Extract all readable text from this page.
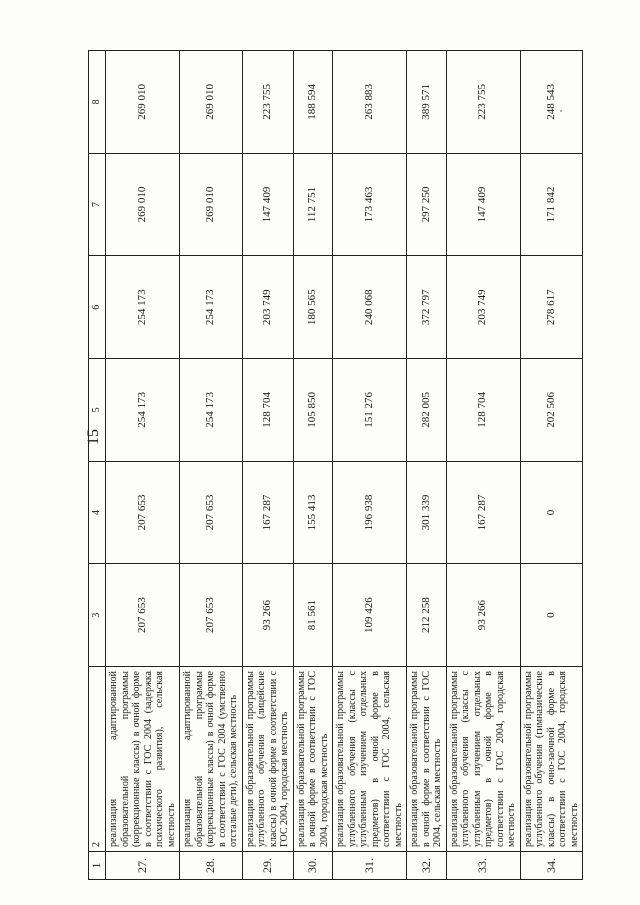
15
1	2	3	4	5	6	7	8
27.	реализация адаптированной образовательной программы (коррекционные классы) в очной форме в соответствии с ГОС 2004 (задержка психического развития), сельская местность	207 653	207 653	254 173	254 173	269 010	269 010
28.	реализация адаптированной образовательной программы (коррекционные классы) в очной форме в соответствии с ГОС 2004 (умственно отсталые дети), сельская местность	207 653	207 653	254 173	254 173	269 010	269 010
29.	реализация образовательной программы углубленного обучения (лицейские классы) в очной форме в соответствии с ГОС 2004, городская местность	93 266	167 287	128 704	203 749	147 409	223 755
30.	реализация образовательной программы в очной форме в соответствии с ГОС 2004, городская местность	81 561	155 413	105 850	180 565	112 751	188 594
31.	реализация образовательной программы углубленного обучения (классы с углубленным изучением отдельных предметов) в очной форме в соответствии с ГОС 2004, сельская местность	109 426	196 938	151 276	240 068	173 463	263 883
32.	реализация образовательной программы в очной форме в соответствии с ГОС 2004, сельская местность	212 258	301 339	282 005	372 797	297 250	389 571
33.	реализация образовательной программы углубленного обучения (классы с углубленным изучением отдельных предметов) в очной форме в соответствии с ГОС 2004, городская местность	93 266	167 287	128 704	203 749	147 409	223 755
34.	реализация образовательной программы углубленного обучения (гимназические классы) в очно-заочной форме в соответствии с ГОС 2004, городская местность	0	0	202 506	278 617	171 842	248 543
